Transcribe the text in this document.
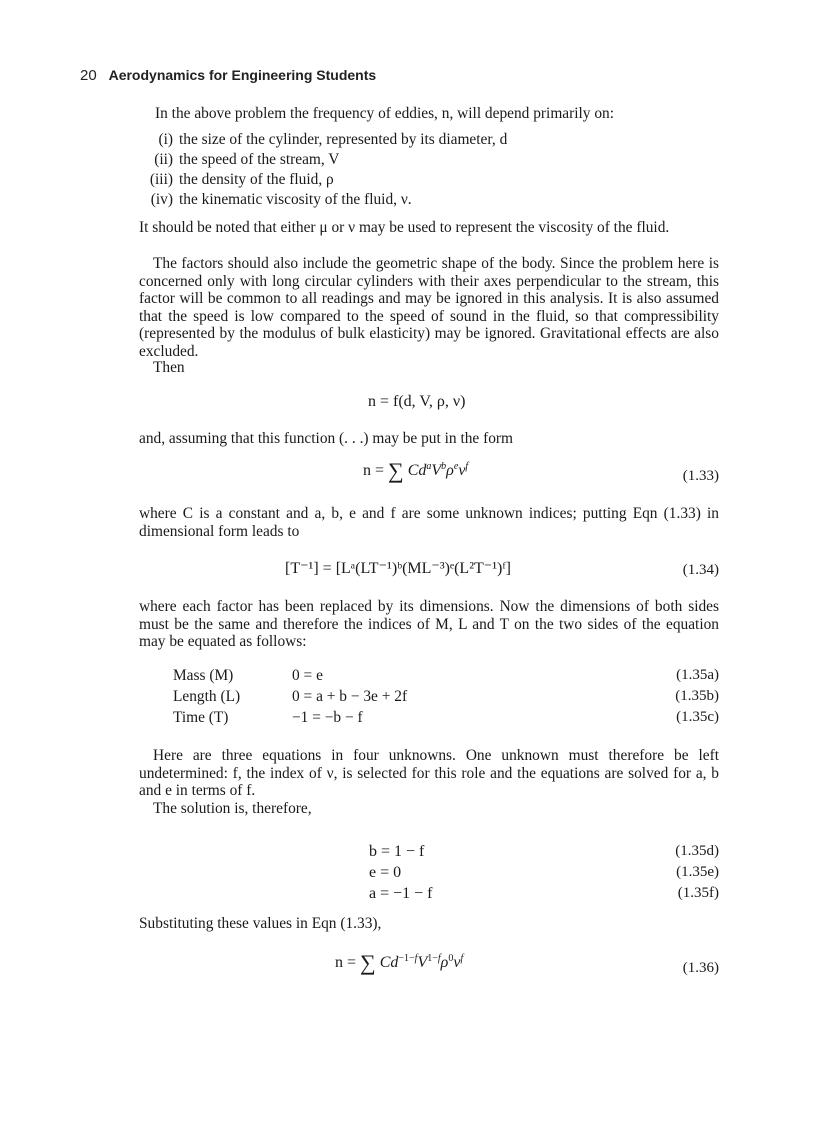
20 Aerodynamics for Engineering Students

In the above problem the frequency of eddies, n, will depend primarily on:

(i) the size of the cylinder, represented by its diameter, d
(ii) the speed of the stream, V
(iii) the density of the fluid, ρ
(iv) the kinematic viscosity of the fluid, ν.

It should be noted that either μ or ν may be used to represent the viscosity of the fluid.

The factors should also include the geometric shape of the body. Since the problem here is concerned only with long circular cylinders with their axes perpendicular to the stream, this factor will be common to all readings and may be ignored in this analysis. It is also assumed that the speed is low compared to the speed of sound in the fluid, so that compressibility (represented by the modulus of bulk elasticity) may be ignored. Gravitational effects are also excluded.

Then

n = f(d, V, ρ, ν)

and, assuming that this function (. . .) may be put in the form

n = ∑ $Cd^aV^b\rho^e\nu^f$
(1.33)

where C is a constant and a, b, e and f are some unknown indices; putting Eqn (1.33) in dimensional form leads to

[T⁻¹] = [Lᵃ(LT⁻¹)ᵇ(ML⁻³)ᵉ(L²T⁻¹)ᶠ]	(1.34)

where each factor has been replaced by its dimensions. Now the dimensions of both sides must be the same and therefore the indices of M, L and T on the two sides of the equation may be equated as follows:

Mass (M)	0 = e	(1.35a)
Length (L)	0 = a + b − 3e + 2f	(1.35b)
Time (T)	−1 = −b − f	(1.35c)

Here are three equations in four unknowns. One unknown must therefore be left undetermined: f, the index of ν, is selected for this role and the equations are solved for a, b and e in terms of f.

The solution is, therefore,

b = 1 − f	(1.35d)
e = 0	(1.35e)
a = −1 − f	(1.35f)

Substituting these values in Eqn (1.33),

n = ∑ $Cd^{-1-f}V^{1-f}\rho^0\nu^f$
(1.36)
